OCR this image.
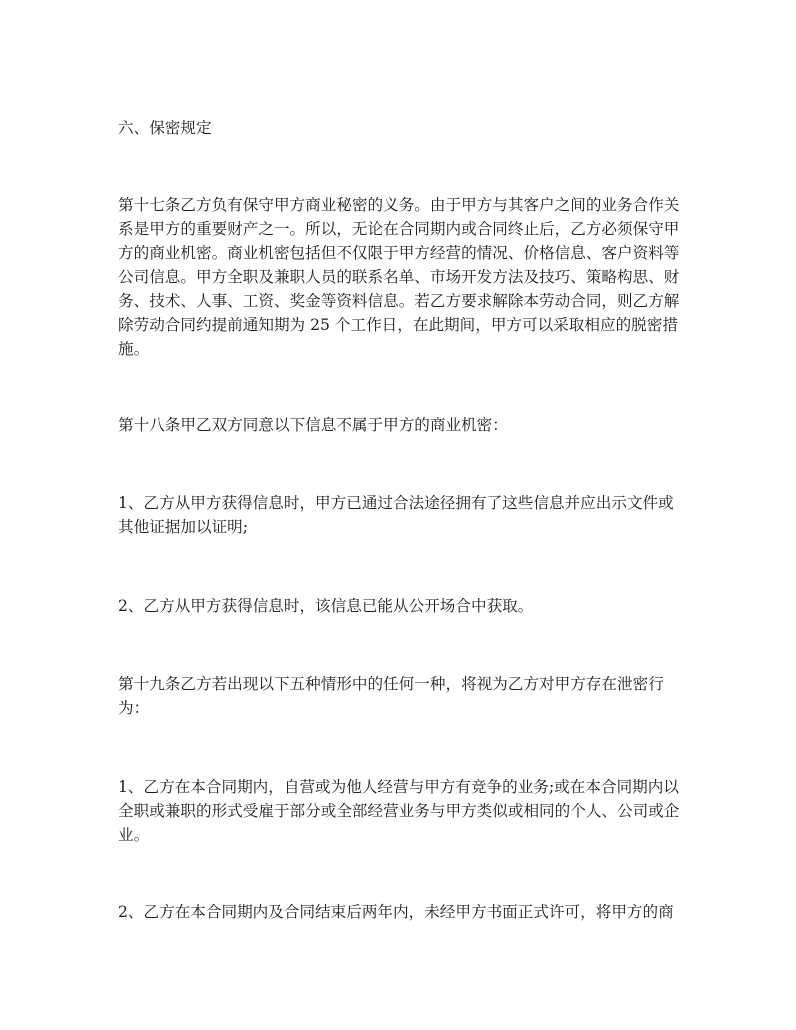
六、保密规定
第十七条乙方负有保守甲方商业秘密的义务。由于甲方与其客户之间的业务合作关
系是甲方的重要财产之一。所以，无论在合同期内或合同终止后，乙方必须保守甲
方的商业机密。商业机密包括但不仅限于甲方经营的情况、价格信息、客户资料等
公司信息。甲方全职及兼职人员的联系名单、市场开发方法及技巧、策略构思、财
务、技术、人事、工资、奖金等资料信息。若乙方要求解除本劳动合同，则乙方解
除劳动合同约提前通知期为 25 个工作日，在此期间，甲方可以采取相应的脱密措
施。
第十八条甲乙双方同意以下信息不属于甲方的商业机密：
1、乙方从甲方获得信息时，甲方已通过合法途径拥有了这些信息并应出示文件或
其他证据加以证明;
2、乙方从甲方获得信息时，该信息已能从公开场合中获取。
第十九条乙方若出现以下五种情形中的任何一种，将视为乙方对甲方存在泄密行
为：
1、乙方在本合同期内，自营或为他人经营与甲方有竞争的业务;或在本合同期内以
全职或兼职的形式受雇于部分或全部经营业务与甲方类似或相同的个人、公司或企
业。
2、乙方在本合同期内及合同结束后两年内，未经甲方书面正式许可，将甲方的商
